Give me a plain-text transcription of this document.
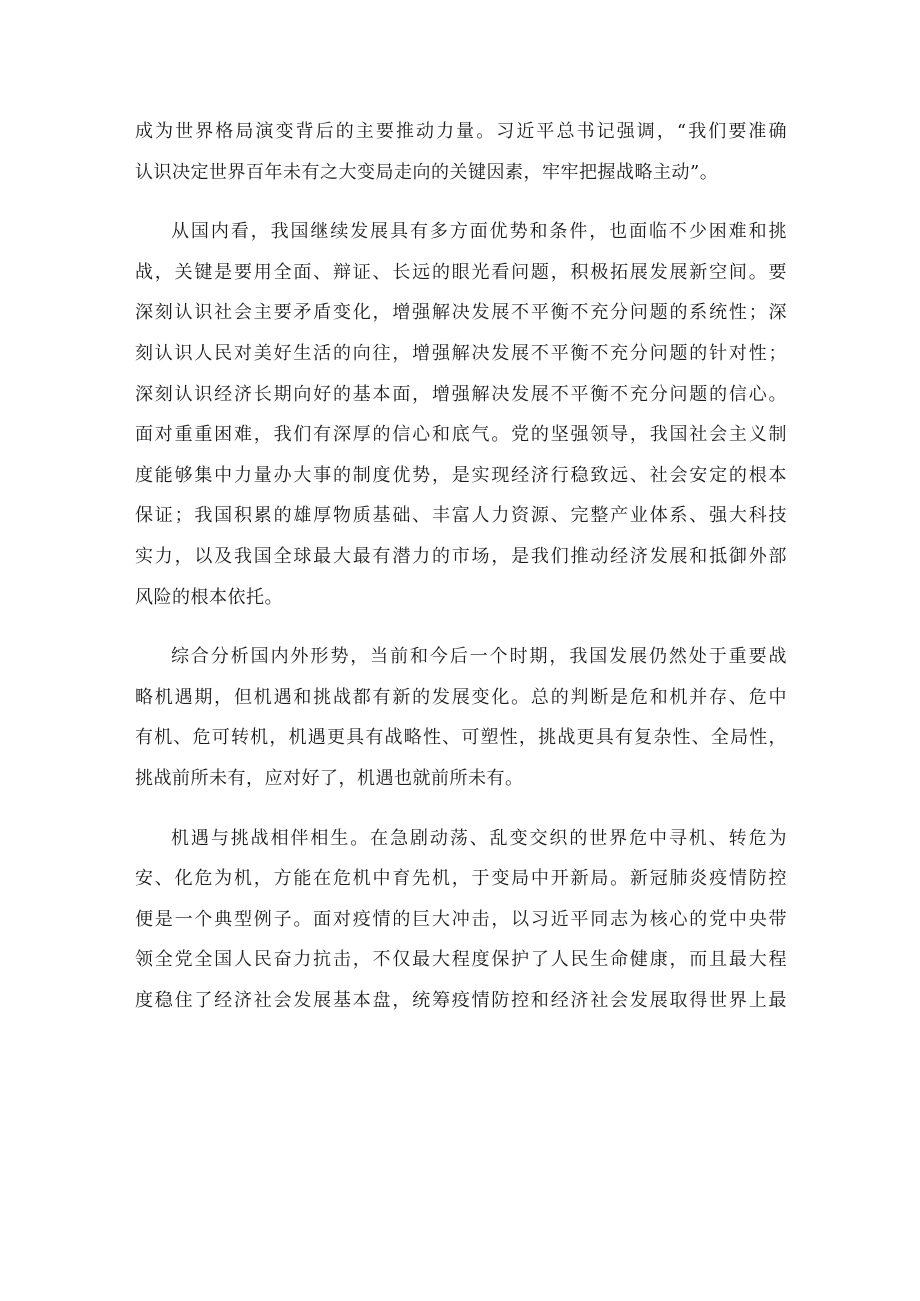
成为世界格局演变背后的主要推动力量。习近平总书记强调，“我们要准确
认识决定世界百年未有之大变局走向的关键因素，牢牢把握战略主动”。
从国内看，我国继续发展具有多方面优势和条件，也面临不少困难和挑
战，关键是要用全面、辩证、长远的眼光看问题，积极拓展发展新空间。要
深刻认识社会主要矛盾变化，增强解决发展不平衡不充分问题的系统性；深
刻认识人民对美好生活的向往，增强解决发展不平衡不充分问题的针对性；
深刻认识经济长期向好的基本面，增强解决发展不平衡不充分问题的信心。
面对重重困难，我们有深厚的信心和底气。党的坚强领导，我国社会主义制
度能够集中力量办大事的制度优势，是实现经济行稳致远、社会安定的根本
保证；我国积累的雄厚物质基础、丰富人力资源、完整产业体系、强大科技
实力，以及我国全球最大最有潜力的市场，是我们推动经济发展和抵御外部
风险的根本依托。
综合分析国内外形势，当前和今后一个时期，我国发展仍然处于重要战
略机遇期，但机遇和挑战都有新的发展变化。总的判断是危和机并存、危中
有机、危可转机，机遇更具有战略性、可塑性，挑战更具有复杂性、全局性，
挑战前所未有，应对好了，机遇也就前所未有。
机遇与挑战相伴相生。在急剧动荡、乱变交织的世界危中寻机、转危为
安、化危为机，方能在危机中育先机，于变局中开新局。新冠肺炎疫情防控
便是一个典型例子。面对疫情的巨大冲击，以习近平同志为核心的党中央带
领全党全国人民奋力抗击，不仅最大程度保护了人民生命健康，而且最大程
度稳住了经济社会发展基本盘，统筹疫情防控和经济社会发展取得世界上最
